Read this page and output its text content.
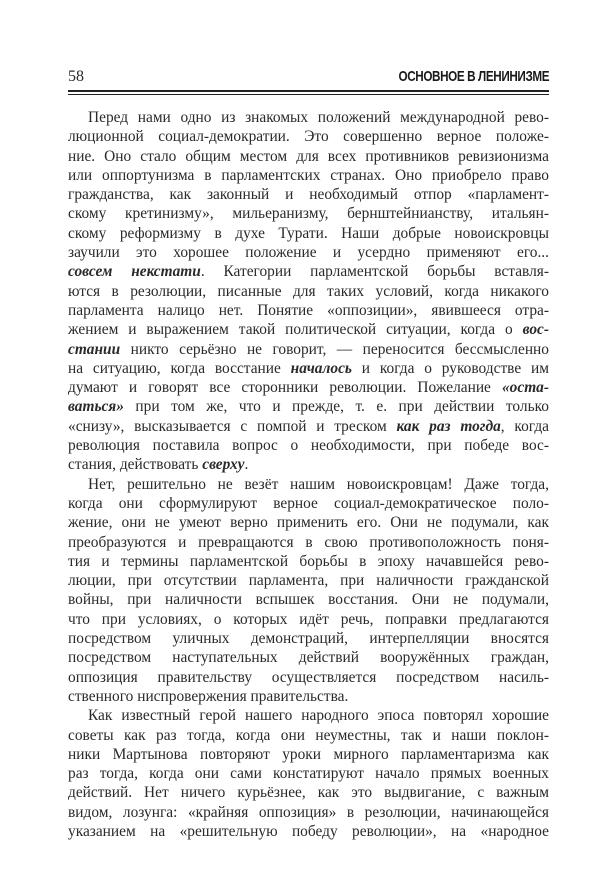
58	ОСНОВНОЕ В ЛЕНИНИЗМЕ
Перед нами одно из знакомых положений международной рево-
люционной социал-демократии. Это совершенно верное положе-
ние. Оно стало общим местом для всех противников ревизионизма
или оппортунизма в парламентских странах. Оно приобрело право
гражданства, как законный и необходимый отпор «парламент-
скому кретинизму», мильеранизму, бернштейнианству, итальян-
скому реформизму в духе Турати. Наши добрые новоискровцы
заучили это хорошее положение и усердно применяют его...
совсем некстати. Категории парламентской борьбы вставля-
ются в резолюции, писанные для таких условий, когда никакого
парламента налицо нет. Понятие «оппозиции», явившееся отра-
жением и выражением такой политической ситуации, когда о вос-
стании никто серьёзно не говорит, — переносится бессмысленно
на ситуацию, когда восстание началось и когда о руководстве им
думают и говорят все сторонники революции. Пожелание «оста-
ваться» при том же, что и прежде, т. е. при действии только
«снизу», высказывается с помпой и треском как раз тогда, когда
революция поставила вопрос о необходимости, при победе вос-
стания, действовать сверху.
Нет, решительно не везёт нашим новоискровцам! Даже тогда,
когда они сформулируют верное социал-демократическое поло-
жение, они не умеют верно применить его. Они не подумали, как
преобразуются и превращаются в свою противоположность поня-
тия и термины парламентской борьбы в эпоху начавшейся рево-
люции, при отсутствии парламента, при наличности гражданской
войны, при наличности вспышек восстания. Они не подумали,
что при условиях, о которых идёт речь, поправки предлагаются
посредством уличных демонстраций, интерпелляции вносятся
посредством наступательных действий вооружённых граждан,
оппозиция правительству осуществляется посредством насиль-
ственного ниспровержения правительства.
Как известный герой нашего народного эпоса повторял хорошие
советы как раз тогда, когда они неуместны, так и наши поклон-
ники Мартынова повторяют уроки мирного парламентаризма как
раз тогда, когда они сами констатируют начало прямых военных
действий. Нет ничего курьёзнее, как это выдвигание, с важным
видом, лозунга: «крайняя оппозиция» в резолюции, начинающейся
указанием на «решительную победу революции», на «народное
